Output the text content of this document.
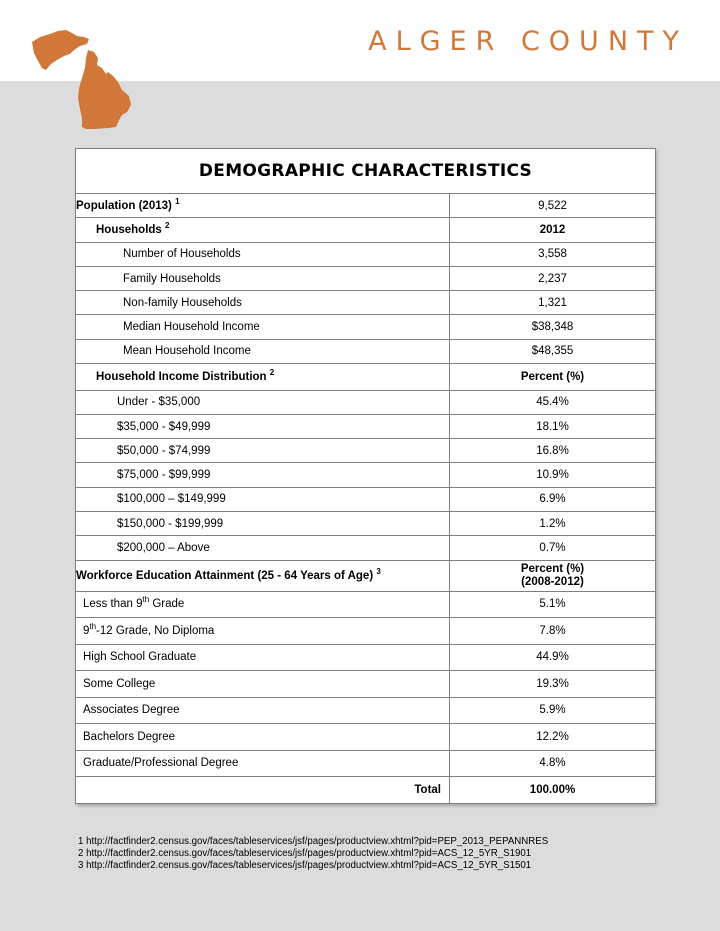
ALGER COUNTY
DEMOGRAPHIC CHARACTERISTICS	
Population (2013) $^1$	9,522
Households $^2$	2012
Number of Households	3,558
Family Households	2,237
Non-family Households	1,321
Median Household Income	$38,348
Mean Household Income	$48,355
Household Income Distribution $^2$	Percent (%)
Under - $35,000	45.4%
$35,000 - $49,999	18.1%
$50,000 - $74,999	16.8%
$75,000 - $99,999	10.9%
$100,000 – $149,999	6.9%
$150,000 - $199,999	1.2%
$200,000 – Above	0.7%
Workforce Education Attainment (25 - 64 Years of Age) $^3$	Percent (%)
(2008-2012)
Less than 9th Grade	5.1%
9th-12 Grade, No Diploma	7.8%
High School Graduate	44.9%
Some College	19.3%
Associates Degree	5.9%
Bachelors Degree	12.2%
Graduate/Professional Degree	4.8%
Total	100.00%
1 http://factfinder2.census.gov/faces/tableservices/jsf/pages/productview.xhtml?pid=PEP_2013_PEPANNRES
2 http://factfinder2.census.gov/faces/tableservices/jsf/pages/productview.xhtml?pid=ACS_12_5YR_S1901
3 http://factfinder2.census.gov/faces/tableservices/jsf/pages/productview.xhtml?pid=ACS_12_5YR_S1501
